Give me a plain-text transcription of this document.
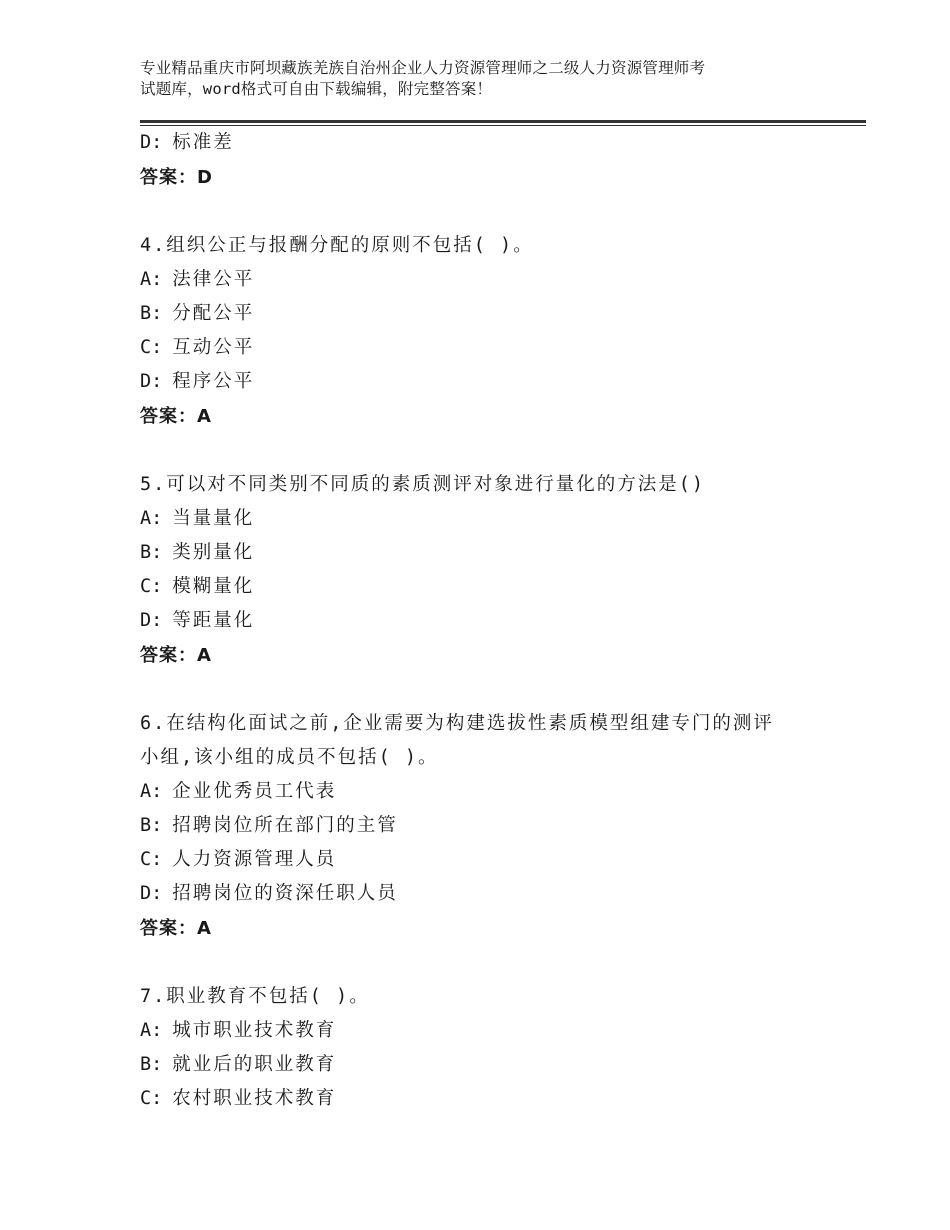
专业精品重庆市阿坝藏族羌族自治州企业人力资源管理师之二级人力资源管理师考
试题库，word格式可自由下载编辑，附完整答案！
D: 标准差
答案：D
4.组织公正与报酬分配的原则不包括( )。
A: 法律公平
B: 分配公平
C: 互动公平
D: 程序公平
答案：A
5.可以对不同类别不同质的素质测评对象进行量化的方法是()
A: 当量量化
B: 类别量化
C: 模糊量化
D: 等距量化
答案：A
6.在结构化面试之前,企业需要为构建选拔性素质模型组建专门的测评
小组,该小组的成员不包括( )。
A: 企业优秀员工代表
B: 招聘岗位所在部门的主管
C: 人力资源管理人员
D: 招聘岗位的资深任职人员
答案：A
7.职业教育不包括( )。
A: 城市职业技术教育
B: 就业后的职业教育
C: 农村职业技术教育
